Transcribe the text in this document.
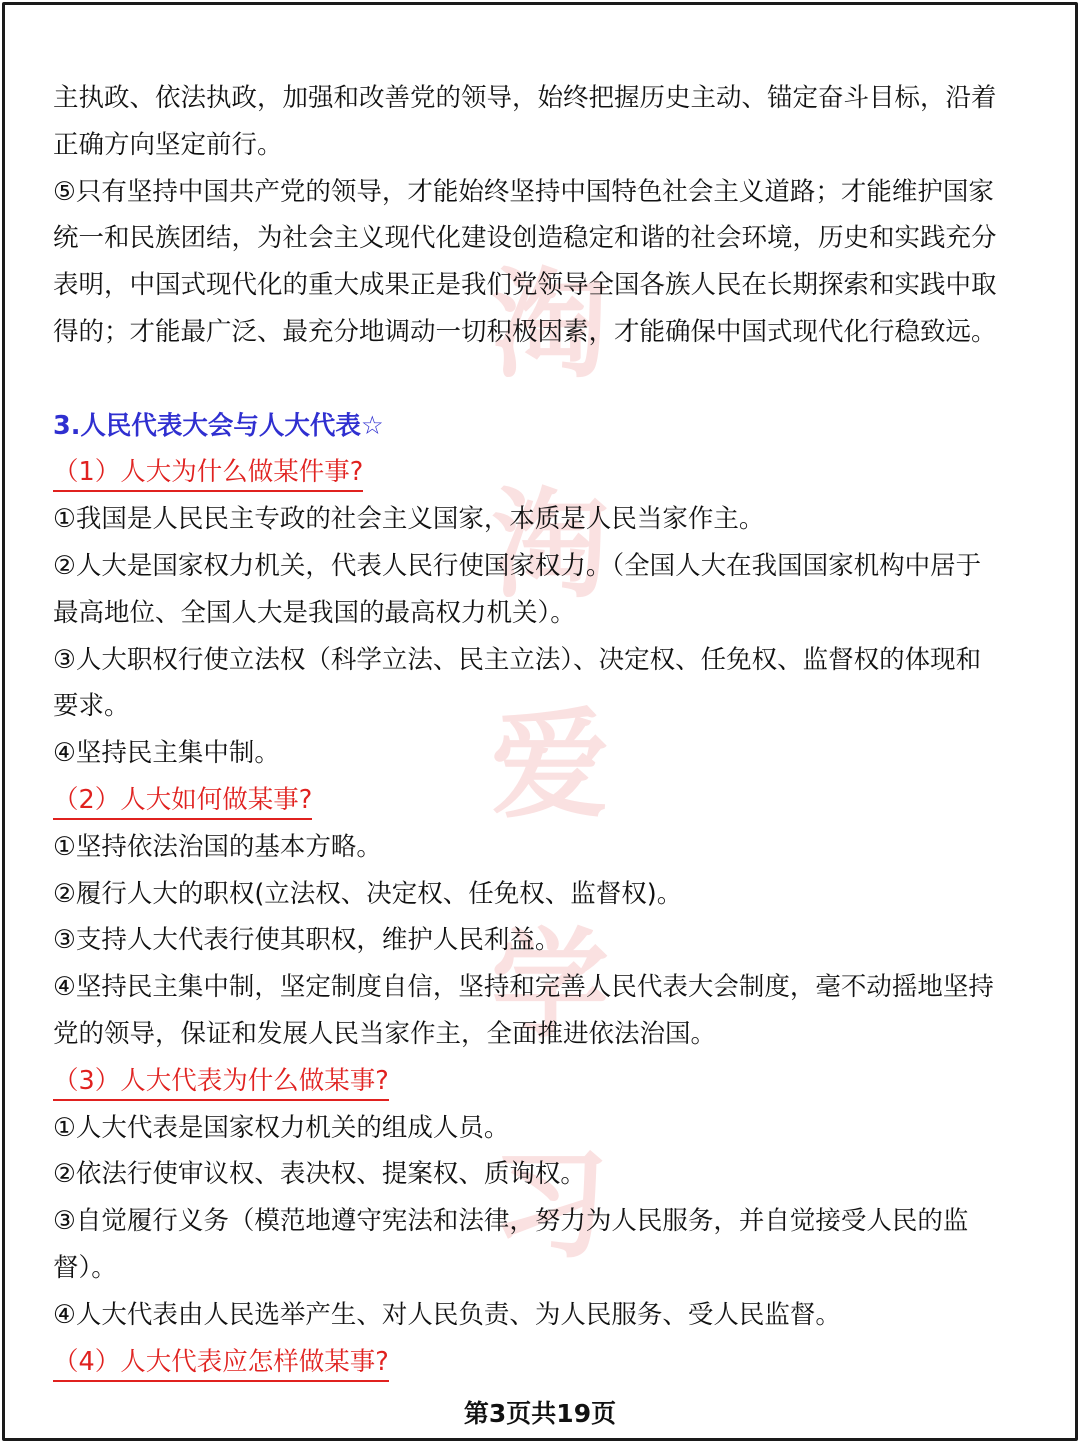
淘
淘
爱
学
习
主执政、依法执政，加强和改善党的领导，始终把握历史主动、锚定奋斗目标，沿着
正确方向坚定前行。
⑤只有坚持中国共产党的领导，才能始终坚持中国特色社会主义道路；才能维护国家
统一和民族团结，为社会主义现代化建设创造稳定和谐的社会环境，历史和实践充分
表明，中国式现代化的重大成果正是我们党领导全国各族人民在长期探索和实践中取
得的；才能最广泛、最充分地调动一切积极因素，才能确保中国式现代化行稳致远。
3.人民代表大会与人大代表☆
（1）人大为什么做某件事?
①我国是人民民主专政的社会主义国家，本质是人民当家作主。
②人大是国家权力机关，代表人民行使国家权力。（全国人大在我国国家机构中居于
最高地位、全国人大是我国的最高权力机关）。
③人大职权行使立法权（科学立法、民主立法）、决定权、任免权、监督权的体现和
要求。
④坚持民主集中制。
（2）人大如何做某事?
①坚持依法治国的基本方略。
②履行人大的职权(立法权、决定权、任免权、监督权)。
③支持人大代表行使其职权，维护人民利益。
④坚持民主集中制，坚定制度自信，坚持和完善人民代表大会制度，毫不动摇地坚持
党的领导，保证和发展人民当家作主，全面推进依法治国。
（3）人大代表为什么做某事?
①人大代表是国家权力机关的组成人员。
②依法行使审议权、表决权、提案权、质询权。
③自觉履行义务（模范地遵守宪法和法律，努力为人民服务，并自觉接受人民的监
督）。
④人大代表由人民选举产生、对人民负责、为人民服务、受人民监督。
（4）人大代表应怎样做某事?
第3页共19页
